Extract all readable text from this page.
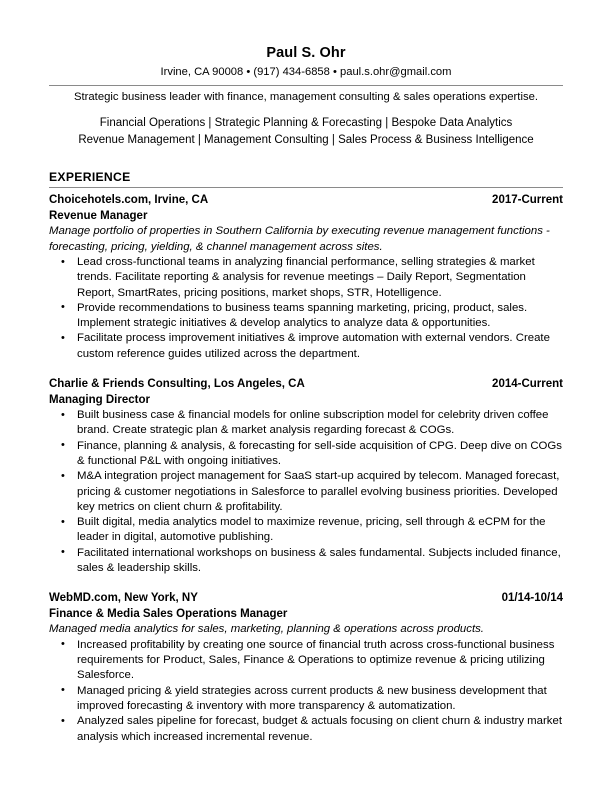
Paul S. Ohr
Irvine, CA 90008 • (917) 434-6858 • paul.s.ohr@gmail.com
Strategic business leader with finance, management consulting & sales operations expertise.
Financial Operations | Strategic Planning & Forecasting | Bespoke Data Analytics
Revenue Management | Management Consulting | Sales Process & Business Intelligence
EXPERIENCE
Choicehotels.com, Irvine, CA	2017-Current
Revenue Manager
Manage portfolio of properties in Southern California by executing revenue management functions - forecasting, pricing, yielding, & channel management across sites.
• Lead cross-functional teams in analyzing financial performance, selling strategies & market trends. Facilitate reporting & analysis for revenue meetings – Daily Report, Segmentation Report, SmartRates, pricing positions, market shops, STR, Hotelligence.
• Provide recommendations to business teams spanning marketing, pricing, product, sales. Implement strategic initiatives & develop analytics to analyze data & opportunities.
• Facilitate process improvement initiatives & improve automation with external vendors. Create custom reference guides utilized across the department.
Charlie & Friends Consulting, Los Angeles, CA	2014-Current
Managing Director
• Built business case & financial models for online subscription model for celebrity driven coffee brand. Create strategic plan & market analysis regarding forecast & COGs.
• Finance, planning & analysis, & forecasting for sell-side acquisition of CPG. Deep dive on COGs & functional P&L with ongoing initiatives.
• M&A integration project management for SaaS start-up acquired by telecom. Managed forecast, pricing & customer negotiations in Salesforce to parallel evolving business priorities. Developed key metrics on client churn & profitability.
• Built digital, media analytics model to maximize revenue, pricing, sell through & eCPM for the leader in digital, automotive publishing.
• Facilitated international workshops on business & sales fundamental. Subjects included finance, sales & leadership skills.
WebMD.com, New York, NY	01/14-10/14
Finance & Media Sales Operations Manager
Managed media analytics for sales, marketing, planning & operations across products.
• Increased profitability by creating one source of financial truth across cross-functional business requirements for Product, Sales, Finance & Operations to optimize revenue & pricing utilizing Salesforce.
• Managed pricing & yield strategies across current products & new business development that improved forecasting & inventory with more transparency & automatization.
• Analyzed sales pipeline for forecast, budget & actuals focusing on client churn & industry market analysis which increased incremental revenue.
